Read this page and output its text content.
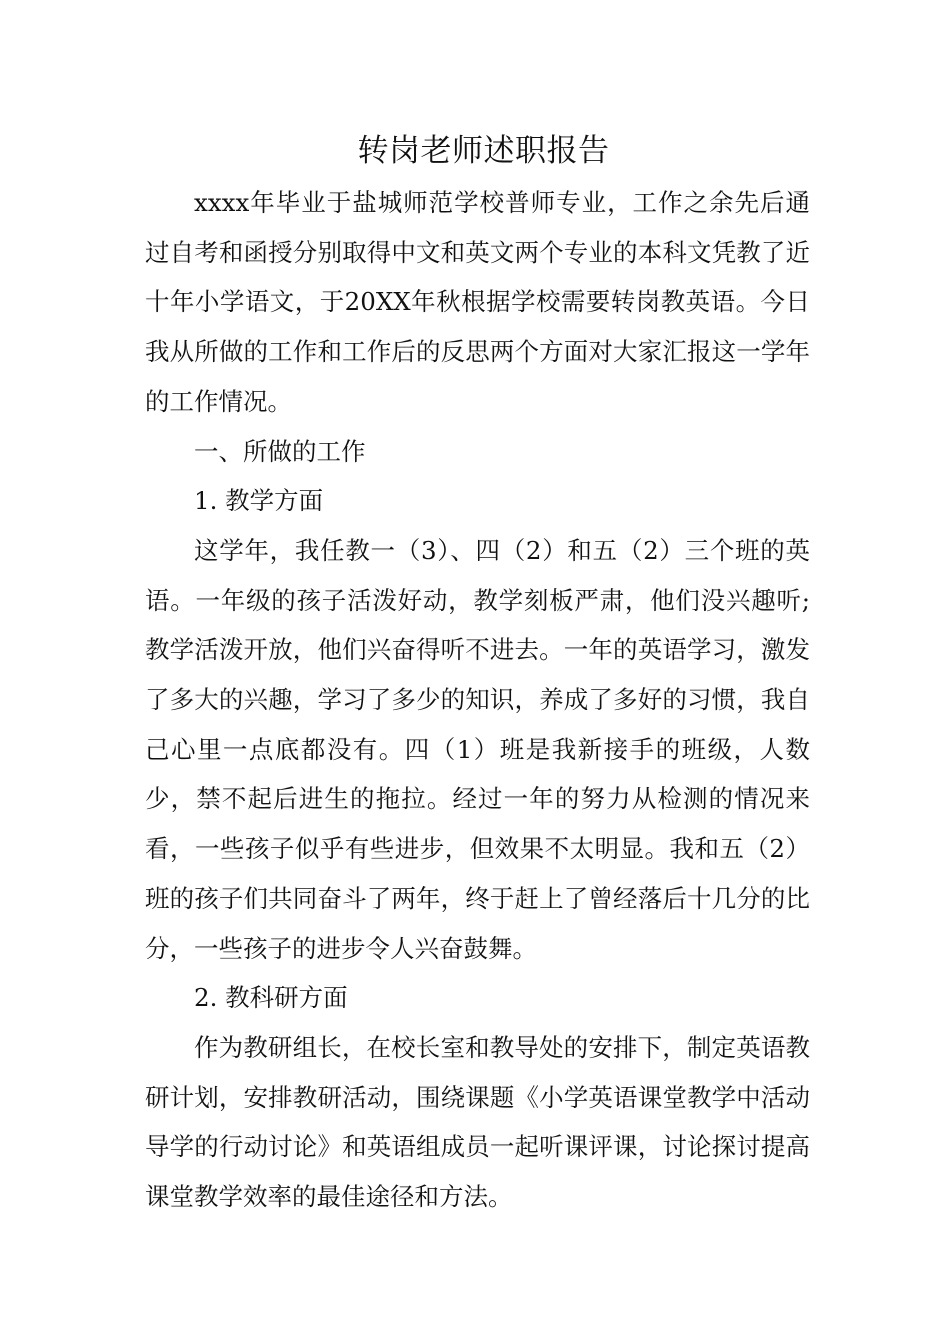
转岗老师述职报告

xxxx年毕业于盐城师范学校普师专业，工作之余先后通过自考和函授分别取得中文和英文两个专业的本科文凭教了近十年小学语文，于20XX年秋根据学校需要转岗教英语。今日我从所做的工作和工作后的反思两个方面对大家汇报这一学年的工作情况。

一、所做的工作

1. 教学方面

这学年，我任教一（3）、四（2）和五（2）三个班的英语。一年级的孩子活泼好动，教学刻板严肃，他们没兴趣听;教学活泼开放，他们兴奋得听不进去。一年的英语学习，激发了多大的兴趣，学习了多少的知识，养成了多好的习惯，我自己心里一点底都没有。四（1）班是我新接手的班级，人数少，禁不起后进生的拖拉。经过一年的努力从检测的情况来看，一些孩子似乎有些进步，但效果不太明显。我和五（2）班的孩子们共同奋斗了两年，终于赶上了曾经落后十几分的比分，一些孩子的进步令人兴奋鼓舞。

2. 教科研方面

作为教研组长，在校长室和教导处的安排下，制定英语教研计划，安排教研活动，围绕课题《小学英语课堂教学中活动导学的行动讨论》和英语组成员一起听课评课，讨论探讨提高课堂教学效率的最佳途径和方法。
